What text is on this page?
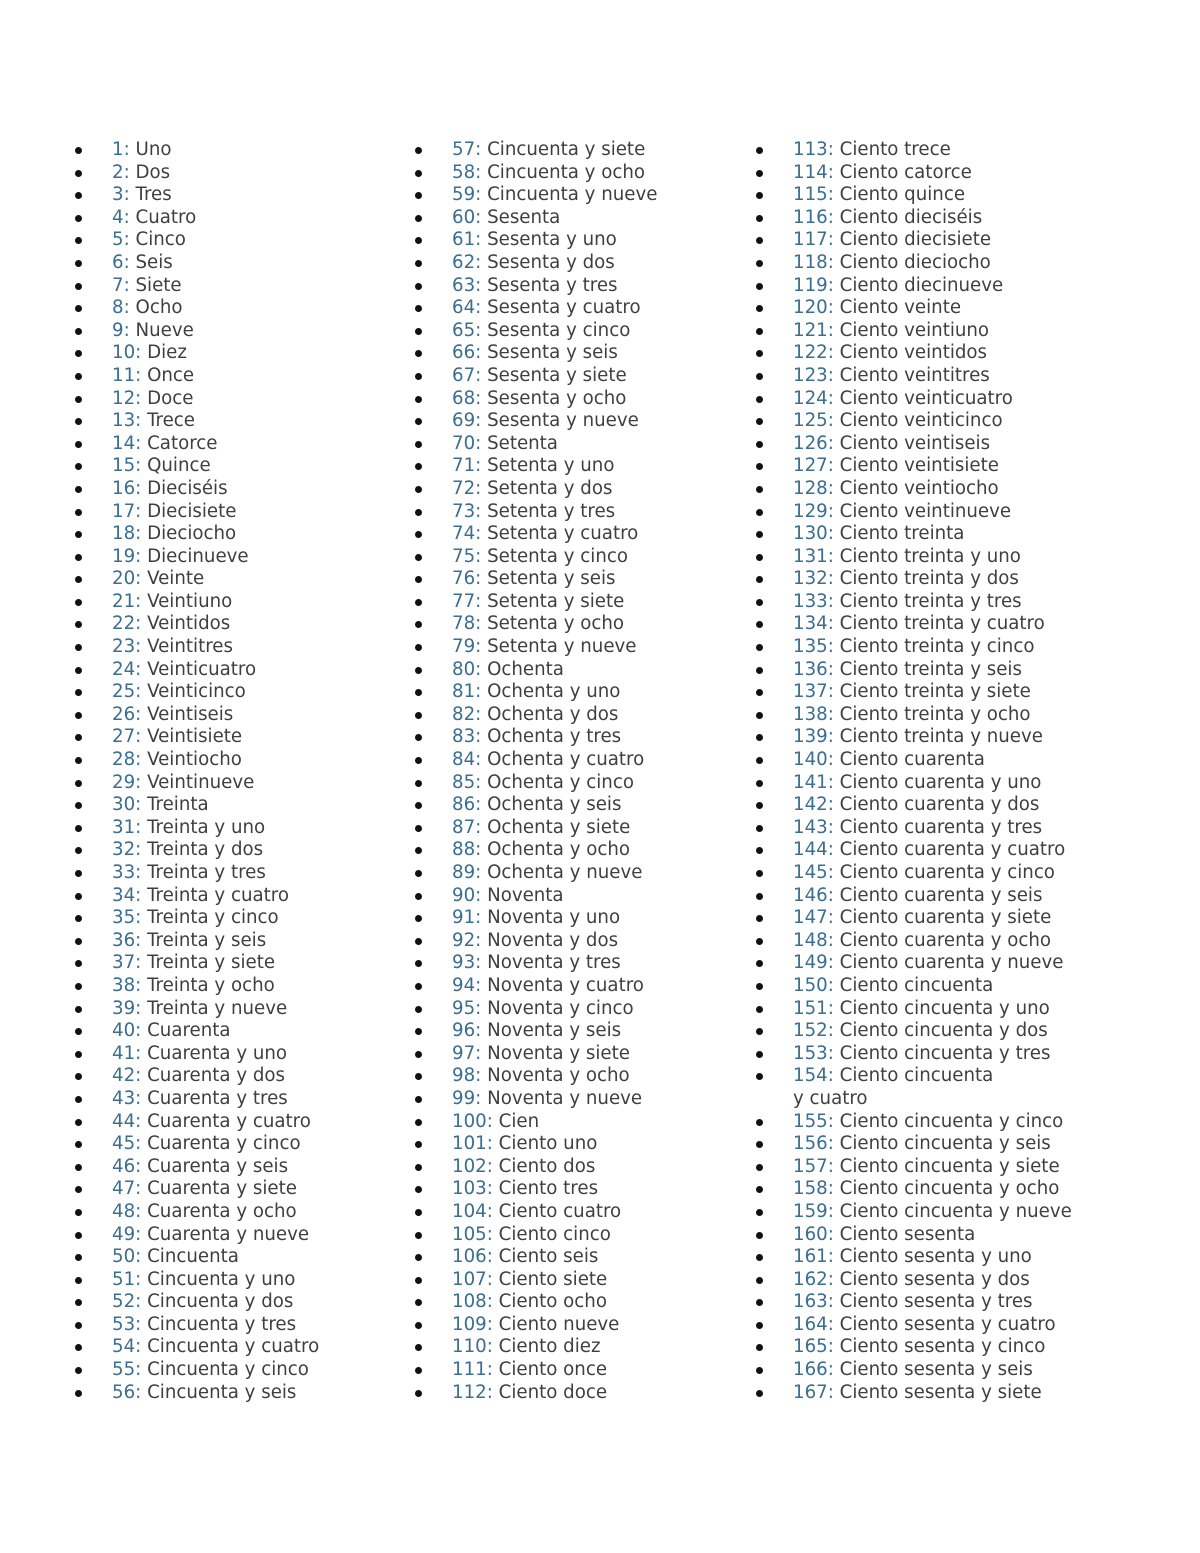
1: Uno
2: Dos
3: Tres
4: Cuatro
5: Cinco
6: Seis
7: Siete
8: Ocho
9: Nueve
10: Diez
11: Once
12: Doce
13: Trece
14: Catorce
15: Quince
16: Dieciséis
17: Diecisiete
18: Dieciocho
19: Diecinueve
20: Veinte
21: Veintiuno
22: Veintidos
23: Veintitres
24: Veinticuatro
25: Veinticinco
26: Veintiseis
27: Veintisiete
28: Veintiocho
29: Veintinueve
30: Treinta
31: Treinta y uno
32: Treinta y dos
33: Treinta y tres
34: Treinta y cuatro
35: Treinta y cinco
36: Treinta y seis
37: Treinta y siete
38: Treinta y ocho
39: Treinta y nueve
40: Cuarenta
41: Cuarenta y uno
42: Cuarenta y dos
43: Cuarenta y tres
44: Cuarenta y cuatro
45: Cuarenta y cinco
46: Cuarenta y seis
47: Cuarenta y siete
48: Cuarenta y ocho
49: Cuarenta y nueve
50: Cincuenta
51: Cincuenta y uno
52: Cincuenta y dos
53: Cincuenta y tres
54: Cincuenta y cuatro
55: Cincuenta y cinco
56: Cincuenta y seis
57: Cincuenta y siete
58: Cincuenta y ocho
59: Cincuenta y nueve
60: Sesenta
61: Sesenta y uno
62: Sesenta y dos
63: Sesenta y tres
64: Sesenta y cuatro
65: Sesenta y cinco
66: Sesenta y seis
67: Sesenta y siete
68: Sesenta y ocho
69: Sesenta y nueve
70: Setenta
71: Setenta y uno
72: Setenta y dos
73: Setenta y tres
74: Setenta y cuatro
75: Setenta y cinco
76: Setenta y seis
77: Setenta y siete
78: Setenta y ocho
79: Setenta y nueve
80: Ochenta
81: Ochenta y uno
82: Ochenta y dos
83: Ochenta y tres
84: Ochenta y cuatro
85: Ochenta y cinco
86: Ochenta y seis
87: Ochenta y siete
88: Ochenta y ocho
89: Ochenta y nueve
90: Noventa
91: Noventa y uno
92: Noventa y dos
93: Noventa y tres
94: Noventa y cuatro
95: Noventa y cinco
96: Noventa y seis
97: Noventa y siete
98: Noventa y ocho
99: Noventa y nueve
100: Cien
101: Ciento uno
102: Ciento dos
103: Ciento tres
104: Ciento cuatro
105: Ciento cinco
106: Ciento seis
107: Ciento siete
108: Ciento ocho
109: Ciento nueve
110: Ciento diez
111: Ciento once
112: Ciento doce
113: Ciento trece
114: Ciento catorce
115: Ciento quince
116: Ciento dieciséis
117: Ciento diecisiete
118: Ciento dieciocho
119: Ciento diecinueve
120: Ciento veinte
121: Ciento veintiuno
122: Ciento veintidos
123: Ciento veintitres
124: Ciento veinticuatro
125: Ciento veinticinco
126: Ciento veintiseis
127: Ciento veintisiete
128: Ciento veintiocho
129: Ciento veintinueve
130: Ciento treinta
131: Ciento treinta y uno
132: Ciento treinta y dos
133: Ciento treinta y tres
134: Ciento treinta y cuatro
135: Ciento treinta y cinco
136: Ciento treinta y seis
137: Ciento treinta y siete
138: Ciento treinta y ocho
139: Ciento treinta y nueve
140: Ciento cuarenta
141: Ciento cuarenta y uno
142: Ciento cuarenta y dos
143: Ciento cuarenta y tres
144: Ciento cuarenta y cuatro
145: Ciento cuarenta y cinco
146: Ciento cuarenta y seis
147: Ciento cuarenta y siete
148: Ciento cuarenta y ocho
149: Ciento cuarenta y nueve
150: Ciento cincuenta
151: Ciento cincuenta y uno
152: Ciento cincuenta y dos
153: Ciento cincuenta y tres
154: Ciento cincuenta y cuatro
155: Ciento cincuenta y cinco
156: Ciento cincuenta y seis
157: Ciento cincuenta y siete
158: Ciento cincuenta y ocho
159: Ciento cincuenta y nueve
160: Ciento sesenta
161: Ciento sesenta y uno
162: Ciento sesenta y dos
163: Ciento sesenta y tres
164: Ciento sesenta y cuatro
165: Ciento sesenta y cinco
166: Ciento sesenta y seis
167: Ciento sesenta y siete
